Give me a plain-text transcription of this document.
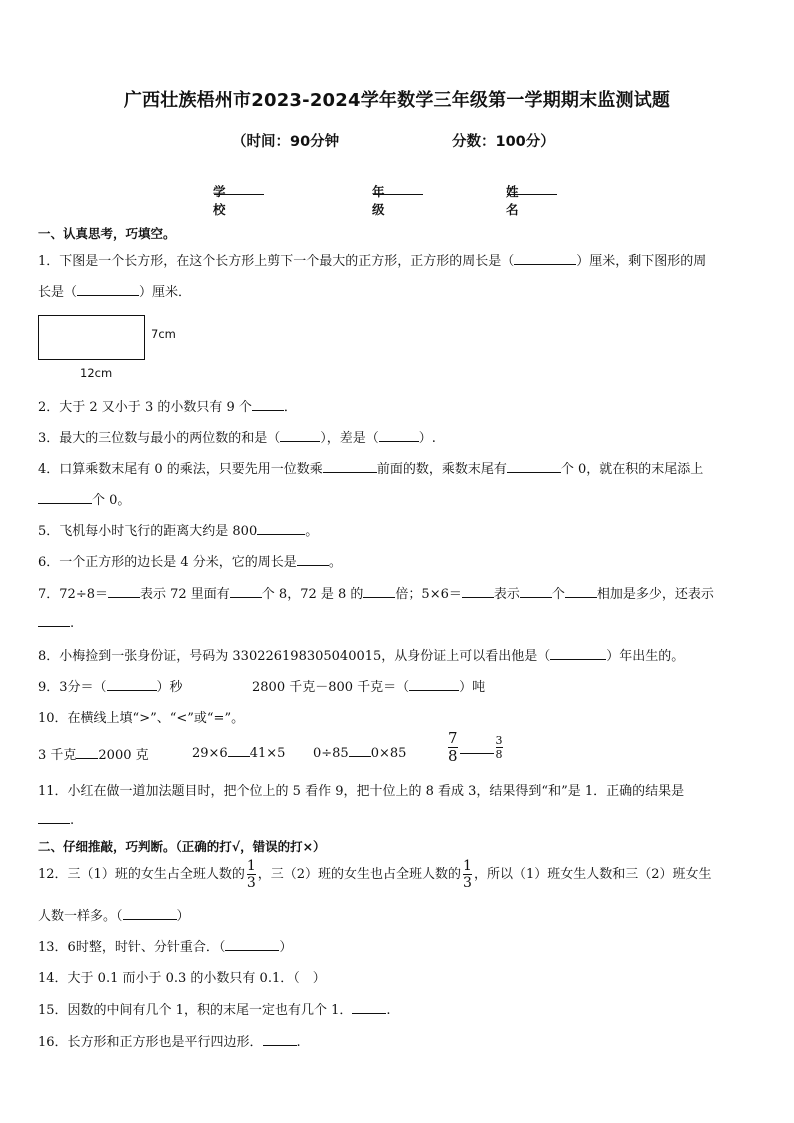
广西壮族梧州市2023-2024学年数学三年级第一学期期末监测试题
（时间：90分钟	分数：100分）
学校
年级
姓名
一、认真思考，巧填空。
1．下图是一个长方形，在这个长方形上剪下一个最大的正方形，正方形的周长是（	）厘米，剩下图形的周
长是（	）厘米．
7cm
12cm
2．大于 2 又小于 3 的小数只有 9 个 ．
3．最大的三位数与最小的两位数的和是（	），差是（	）.
4．口算乘数末尾有 0 的乘法，只要先用一位数乘	前面的数，乘数末尾有	个 0，就在积的末尾添上
个 0。
5．飞机每小时飞行的距离大约是 800	。
6．一个正方形的边长是 4 分米，它的周长是 。
7．72÷8＝ 表示 72 里面有 个 8，72 是 8 的 倍；5×6＝ 表示 个 相加是多少，还表示
.
8．小梅捡到一张身份证，号码为 330226198305040015，从身份证上可以看出他是（	）年出生的。
9．3分＝（	）秒	2800 千克－800 千克＝（	）吨
10．在横线上填“>”、“<”或“=”。
3 千克 2000 克	29×6 41×5 0÷85 0×85	$\frac{7}{8}$	$\frac{3}{8}$
11．小红在做一道加法题目时，把个位上的 5 看作 9，把十位上的 8 看成 3，结果得到“和”是 1．正确的结果是
.
二、仔细推敲，巧判断。（正确的打√，错误的打×）
12．三（1）班的女生占全班人数的 $\frac{1}{3}$ ，三（2）班的女生也占全班人数的 $\frac{1}{3}$ ，所以（1）班女生人数和三（2）班女生
人数一样多。（	）
13．6时整，时针、分针重合．（	）
14．大于 0.1 而小于 0.3 的小数只有 0.1．（　）
15．因数的中间有几个 1，积的末尾一定也有几个 1．	.
16．长方形和正方形也是平行四边形．	.
